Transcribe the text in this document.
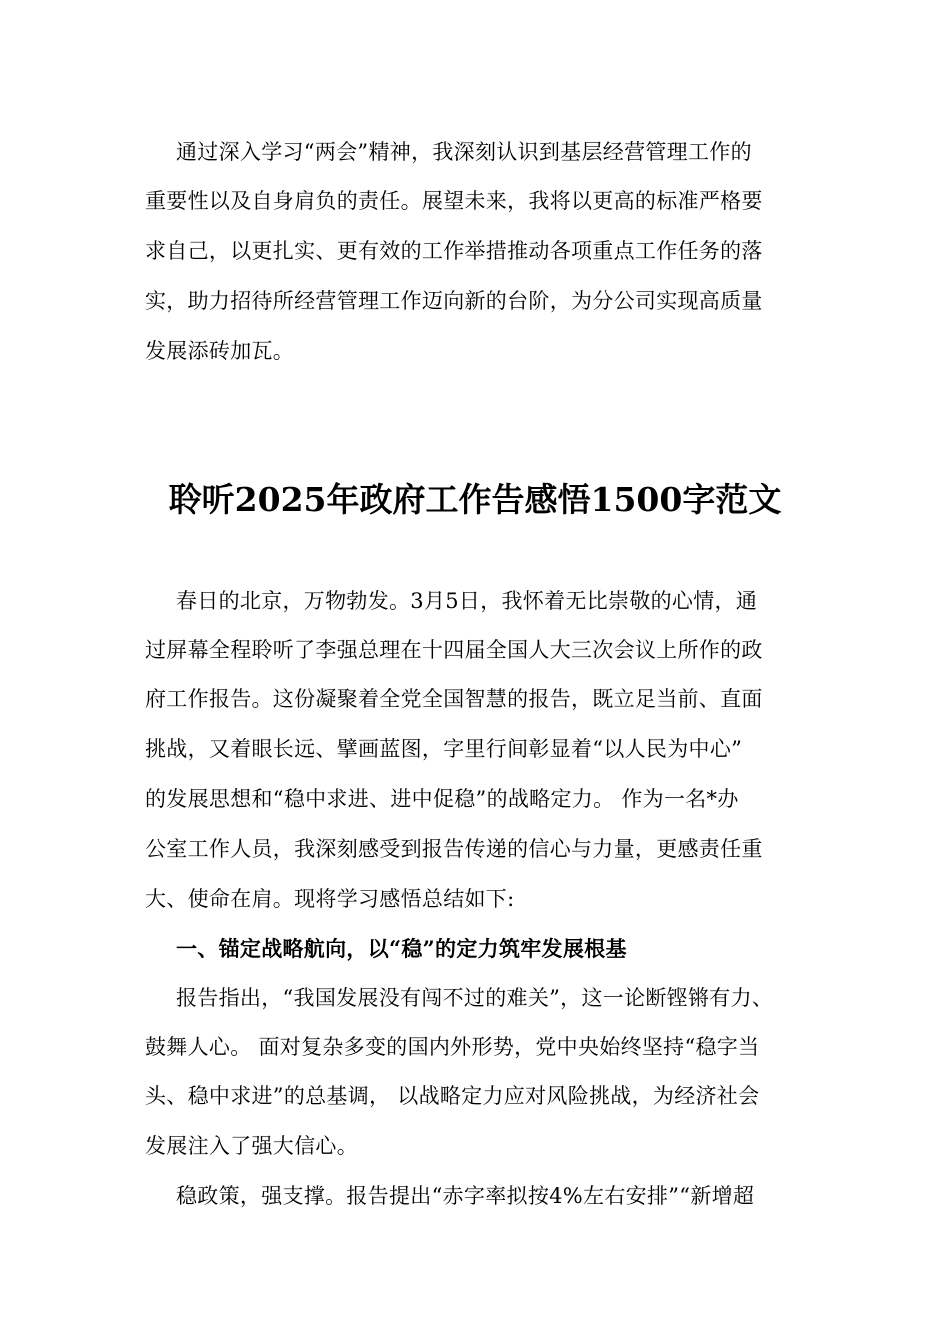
通过深入学习“两会”精神，我深刻认识到基层经营管理工作的
重要性以及自身肩负的责任。展望未来，我将以更高的标准严格要
求自己，以更扎实、更有效的工作举措推动各项重点工作任务的落
实，助力招待所经营管理工作迈向新的台阶，为分公司实现高质量
发展添砖加瓦。
聆听2025年政府工作告感悟1500字范文
春日的北京，万物勃发。3月5日，我怀着无比崇敬的心情，通
过屏幕全程聆听了李强总理在十四届全国人大三次会议上所作的政
府工作报告。这份凝聚着全党全国智慧的报告，既立足当前、直面
挑战，又着眼长远、擘画蓝图，字里行间彰显着“以人民为中心”
的发展思想和“稳中求进、进中促稳”的战略定力。 作为一名*办
公室工作人员，我深刻感受到报告传递的信心与力量，更感责任重
大、使命在肩。现将学习感悟总结如下:
一、锚定战略航向，以“稳”的定力筑牢发展根基
报告指出，“我国发展没有闯不过的难关”，这一论断铿锵有力、
鼓舞人心。 面对复杂多变的国内外形势，党中央始终坚持“稳字当
头、稳中求进”的总基调， 以战略定力应对风险挑战，为经济社会
发展注入了强大信心。
稳政策，强支撑。报告提出“赤字率拟按4%左右安排”“新增超
